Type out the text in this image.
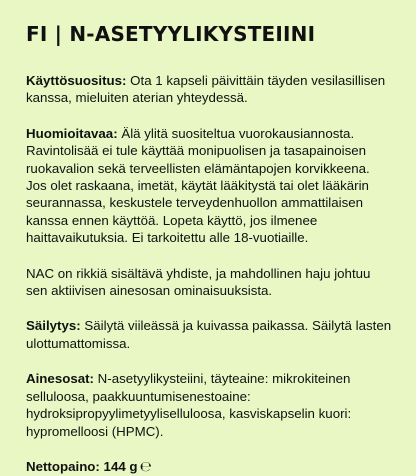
FI | N-ASETYYLIKYSTEIINI

Käyttösuositus: Ota 1 kapseli päivittäin täyden vesilasillisen kanssa, mieluiten aterian yhteydessä.

Huomioitavaa: Älä ylitä suositeltua vuorokausiannosta. Ravintolisää ei tule käyttää monipuolisen ja tasapainoisen ruokavalion sekä terveellisten elämäntapojen korvikkeena. Jos olet raskaana, imetät, käytät lääkitystä tai olet lääkärin seurannassa, keskustele terveydenhuollon ammattilaisen kanssa ennen käyttöä. Lopeta käyttö, jos ilmenee haittavaikutuksia. Ei tarkoitettu alle 18-vuotiaille.

NAC on rikkiä sisältävä yhdiste, ja mahdollinen haju johtuu sen aktiivisen ainesosan ominaisuuksista.

Säilytys: Säilytä viileässä ja kuivassa paikassa. Säilytä lasten ulottumattomissa.

Ainesosat: N-asetyylikysteiini, täyteaine: mikrokiteinen selluloosa, paakkuuntumisenestoaine: hydroksipropyylimetyyliselluloosa, kasviskapselin kuori: hypromelloosi (HPMC).

Nettopaino: 144 g ℮
